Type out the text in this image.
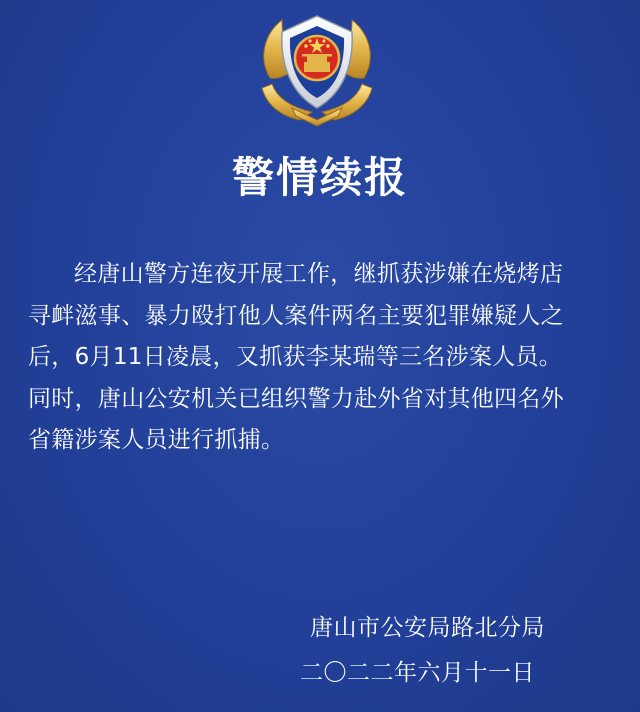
警情续报
经唐山警方连夜开展工作，继抓获涉嫌在烧烤店
寻衅滋事、暴力殴打他人案件两名主要犯罪嫌疑人之
后，6月11日凌晨，又抓获李某瑞等三名涉案人员。
同时，唐山公安机关已组织警力赴外省对其他四名外
省籍涉案人员进行抓捕。
唐山市公安局路北分局
二〇二二年六月十一日
